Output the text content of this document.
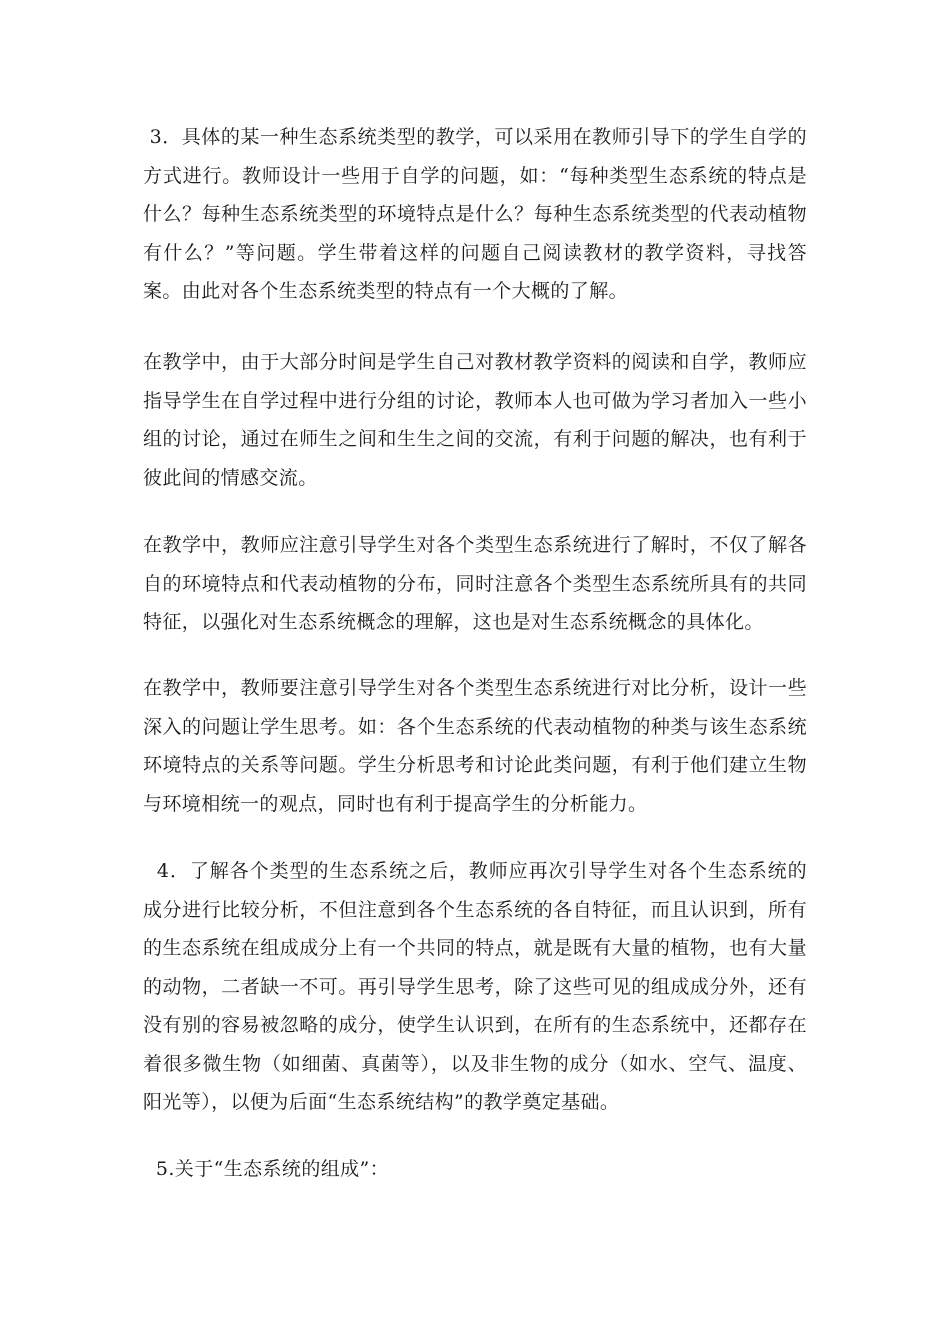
3．具体的某一种生态系统类型的教学，可以采用在教师引导下的学生自学的方式进行。教师设计一些用于自学的问题，如：“每种类型生态系统的特点是什么？每种生态系统类型的环境特点是什么？每种生态系统类型的代表动植物有什么？”等问题。学生带着这样的问题自己阅读教材的教学资料，寻找答案。由此对各个生态系统类型的特点有一个大概的了解。

在教学中，由于大部分时间是学生自己对教材教学资料的阅读和自学，教师应指导学生在自学过程中进行分组的讨论，教师本人也可做为学习者加入一些小组的讨论，通过在师生之间和生生之间的交流，有利于问题的解决，也有利于彼此间的情感交流。

在教学中，教师应注意引导学生对各个类型生态系统进行了解时，不仅了解各自的环境特点和代表动植物的分布，同时注意各个类型生态系统所具有的共同特征，以强化对生态系统概念的理解，这也是对生态系统概念的具体化。

在教学中，教师要注意引导学生对各个类型生态系统进行对比分析，设计一些深入的问题让学生思考。如：各个生态系统的代表动植物的种类与该生态系统环境特点的关系等问题。学生分析思考和讨论此类问题，有利于他们建立生物与环境相统一的观点，同时也有利于提高学生的分析能力。

4．了解各个类型的生态系统之后，教师应再次引导学生对各个生态系统的成分进行比较分析，不但注意到各个生态系统的各自特征，而且认识到，所有的生态系统在组成成分上有一个共同的特点，就是既有大量的植物，也有大量的动物，二者缺一不可。再引导学生思考，除了这些可见的组成成分外，还有没有别的容易被忽略的成分，使学生认识到，在所有的生态系统中，还都存在着很多微生物（如细菌、真菌等），以及非生物的成分（如水、空气、温度、阳光等），以便为后面“生态系统结构”的教学奠定基础。

5.关于“生态系统的组成”：
